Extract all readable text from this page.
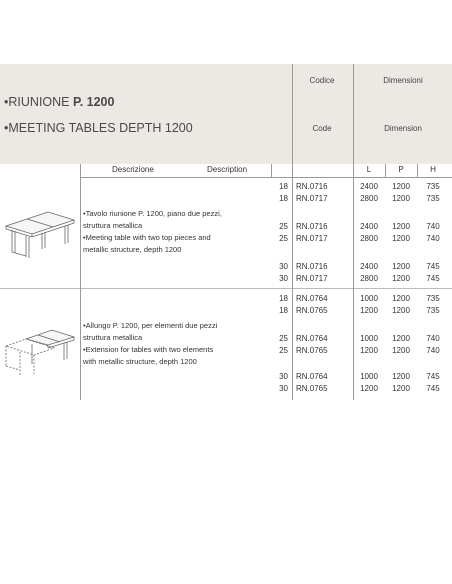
•RIUNIONE P. 1200
•MEETING TABLES DEPTH 1200
Codice	Dimensioni
Code	Dimension
Descrizione	Description	L	P	H
•Tavolo riunione P. 1200, piano due pezzi,
struttura metallica
•Meeting table with two top pieces and
metallic structure, depth 1200
•Allungo P. 1200, per elementi due pezzi
struttura metallica
•Extension for tables with two elements
with metallic structure, depth 1200
18 RN.0716	2400	1200	735
18 RN.0717	2800	1200	735
25 RN.0716	2400	1200	740
25 RN.0717	2800	1200	740
30 RN.0716	2400	1200	745
30 RN.0717	2800	1200	745
18 RN.0764	1000	1200	735
18 RN.0765	1200	1200	735
25 RN.0764	1000	1200	740
25 RN.0765	1200	1200	740
30 RN.0764	1000	1200	745
30 RN.0765	1200	1200	745
